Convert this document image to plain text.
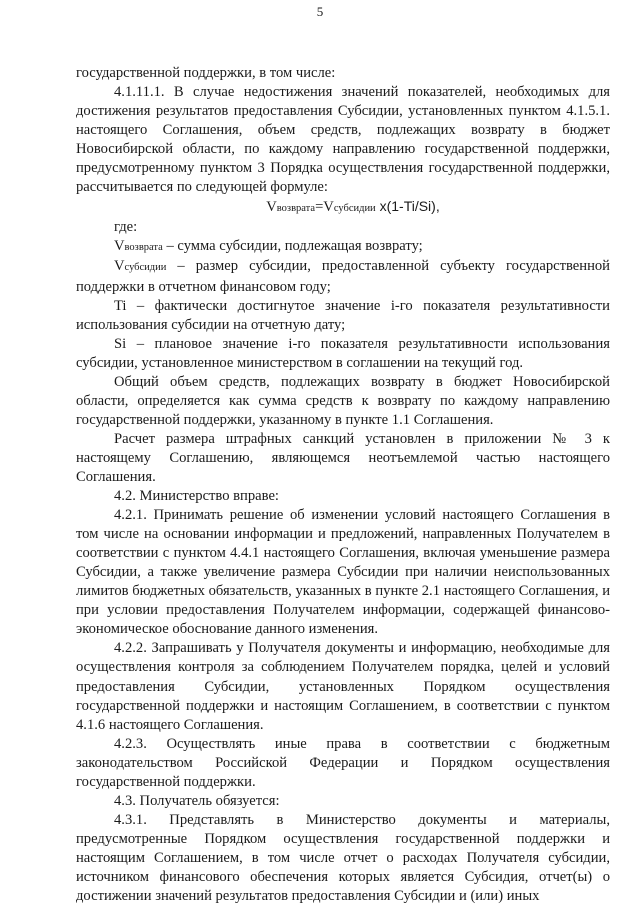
5

государственной поддержки, в том числе:

4.1.11.1. В случае недостижения значений показателей, необходимых для достижения результатов предоставления Субсидии, установленных пунктом 4.1.5.1. настоящего Соглашения, объем средств, подлежащих возврату в бюджет Новосибирской области, по каждому направлению государственной поддержки, предусмотренному пунктом 3 Порядка осуществления государственной поддержки, рассчитывается по следующей формуле:

Vвозврата=Vсубсидии x(1-Ti/Si),

где:

Vвозврата – сумма субсидии, подлежащая возврату;

Vсубсидии – размер субсидии, предоставленной субъекту государственной поддержки в отчетном финансовом году;

Ti – фактически достигнутое значение i-го показателя результативности использования субсидии на отчетную дату;

Si – плановое значение i-го показателя результативности использования субсидии, установленное министерством в соглашении на текущий год.

Общий объем средств, подлежащих возврату в бюджет Новосибирской области, определяется как сумма средств к возврату по каждому направлению государственной поддержки, указанному в пункте 1.1 Соглашения.

Расчет размера штрафных санкций установлен в приложении № 3 к настоящему Соглашению, являющемся неотъемлемой частью настоящего Соглашения.

4.2. Министерство вправе:

4.2.1. Принимать решение об изменении условий настоящего Соглашения в том числе на основании информации и предложений, направленных Получателем в соответствии с пунктом 4.4.1 настоящего Соглашения, включая уменьшение размера Субсидии, а также увеличение размера Субсидии при наличии неиспользованных лимитов бюджетных обязательств, указанных в пункте 2.1 настоящего Соглашения, и при условии предоставления Получателем информации, содержащей финансово-экономическое обоснование данного изменения.

4.2.2. Запрашивать у Получателя документы и информацию, необходимые для осуществления контроля за соблюдением Получателем порядка, целей и условий предоставления Субсидии, установленных Порядком осуществления государственной поддержки и настоящим Соглашением, в соответствии с пунктом 4.1.6 настоящего Соглашения.

4.2.3. Осуществлять иные права в соответствии с бюджетным законодательством Российской Федерации и Порядком осуществления государственной поддержки.

4.3. Получатель обязуется:

4.3.1. Представлять в Министерство документы и материалы, предусмотренные Порядком осуществления государственной поддержки и настоящим Соглашением, в том числе отчет о расходах Получателя субсидии, источником финансового обеспечения которых является Субсидия, отчет(ы) о достижении значений результатов предоставления Субсидии и (или) иных
